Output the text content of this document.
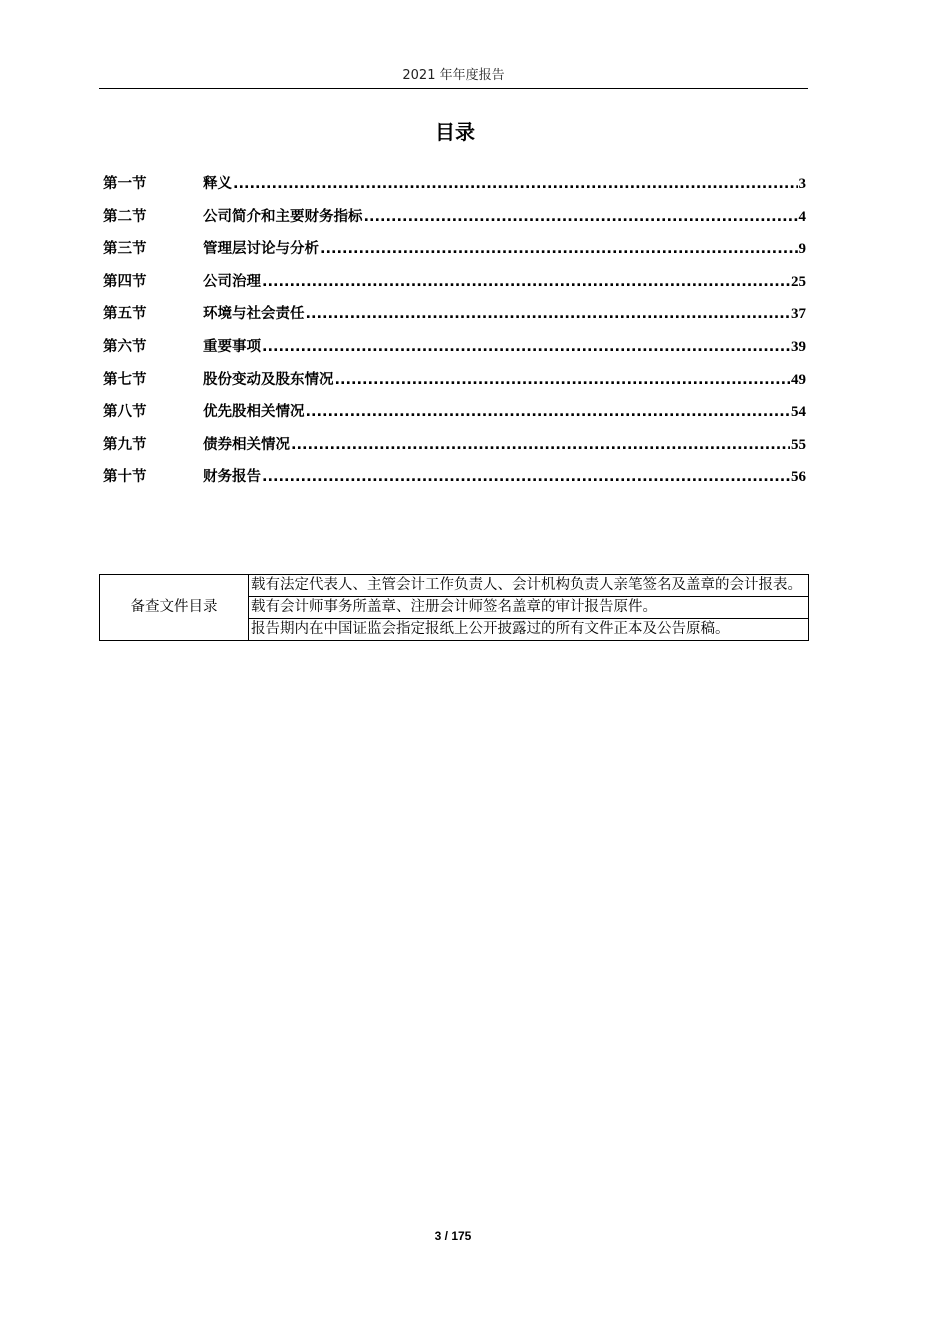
2021 年年度报告
目录
第一节	释义 .....	3
第二节	公司简介和主要财务指标 .....	4
第三节	管理层讨论与分析 .....	9
第四节	公司治理 .....	25
第五节	环境与社会责任 .....	37
第六节	重要事项 .....	39
第七节	股份变动及股东情况 .....	49
第八节	优先股相关情况 .....	54
第九节	债券相关情况 .....	55
第十节	财务报告 .....	56
备查文件目录	载有法定代表人、主管会计工作负责人、会计机构负责人亲笔签名及盖章的会计报表。
载有会计师事务所盖章、注册会计师签名盖章的审计报告原件。
报告期内在中国证监会指定报纸上公开披露过的所有文件正本及公告原稿。
3 / 175
